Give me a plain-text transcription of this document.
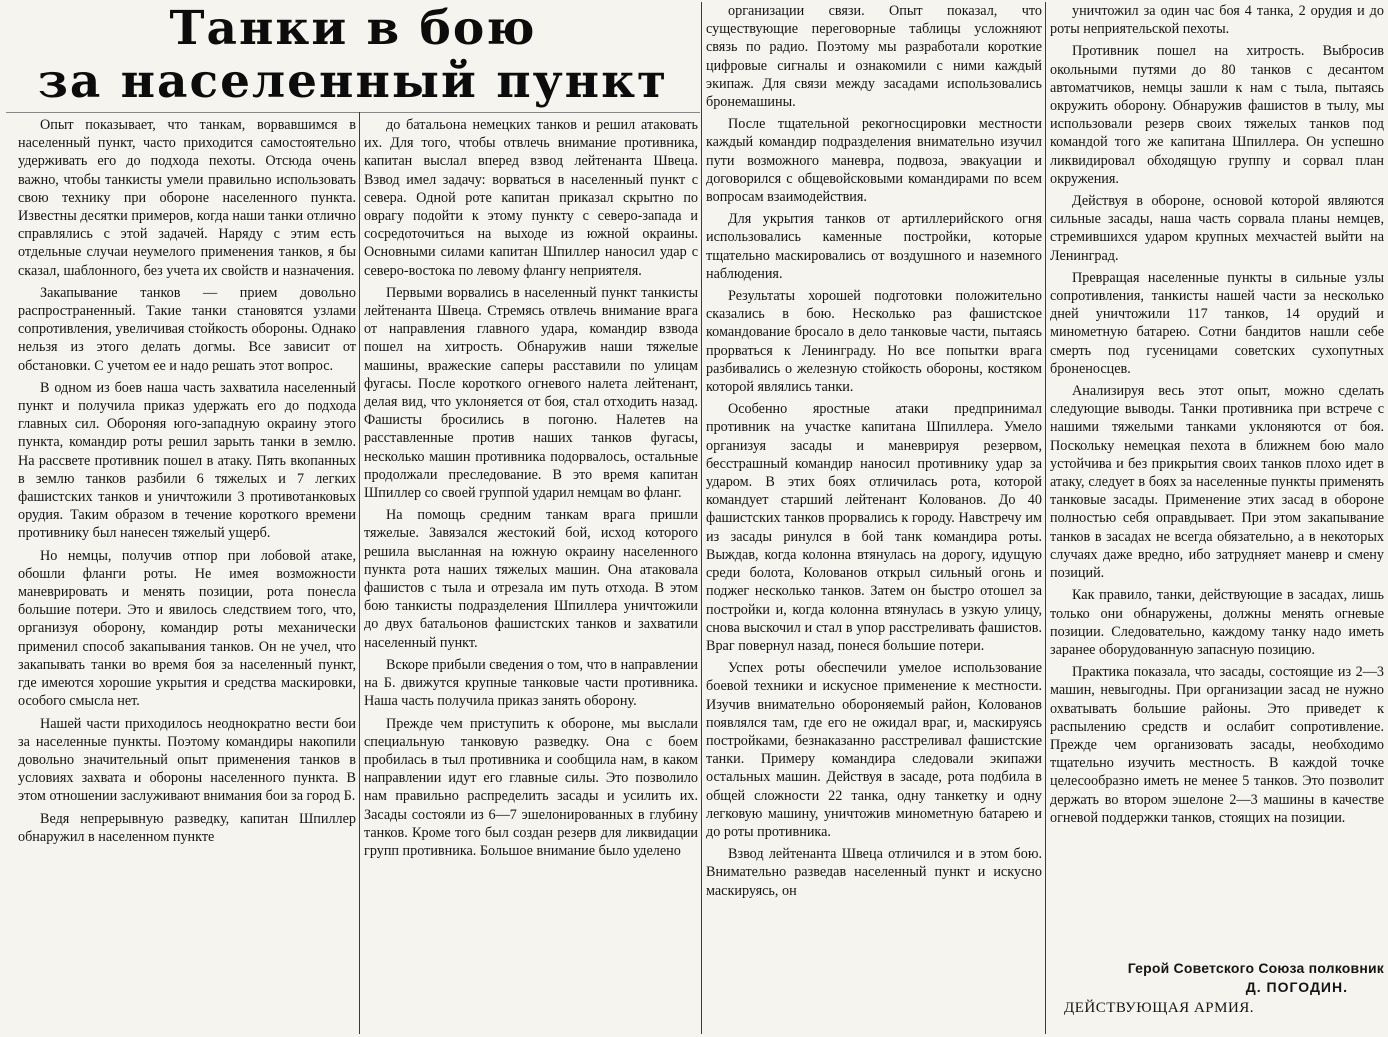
Танки в бою
за населенный пункт

Опыт показывает, что танкам, ворвавшимся в населенный пункт, часто приходится самостоятельно удерживать его до подхода пехоты. Отсюда очень важно, чтобы танкисты умели правильно использовать свою технику при обороне населенного пункта. Известны десятки примеров, когда наши танки отлично справлялись с этой задачей. Наряду с этим есть отдельные случаи неумелого применения танков, я бы сказал, шаблонного, без учета их свойств и назначения.

Закапывание танков — прием довольно распространенный. Такие танки становятся узлами сопротивления, увеличивая стойкость обороны. Однако нельзя из этого делать догмы. Все зависит от обстановки. С учетом ее и надо решать этот вопрос.

В одном из боев наша часть захватила населенный пункт и получила приказ удержать его до подхода главных сил. Обороняя юго-западную окраину этого пункта, командир роты решил зарыть танки в землю. На рассвете противник пошел в атаку. Пять вкопанных в землю танков разбили 6 тяжелых и 7 легких фашистских танков и уничтожили 3 противотанковых орудия. Таким образом в течение короткого времени противнику был нанесен тяжелый ущерб.

Но немцы, получив отпор при лобовой атаке, обошли фланги роты. Не имея возможности маневрировать и менять позиции, рота понесла большие потери. Это и явилось следствием того, что, организуя оборону, командир роты механически применил способ закапывания танков. Он не учел, что закапывать танки во время боя за населенный пункт, где имеются хорошие укрытия и средства маскировки, особого смысла нет.

Нашей части приходилось неоднократно вести бои за населенные пункты. Поэтому командиры накопили довольно значительный опыт применения танков в условиях захвата и обороны населенного пункта. В этом отношении заслуживают внимания бои за город Б.

Ведя непрерывную разведку, капитан Шпиллер обнаружил в населенном пункте

до батальона немецких танков и решил атаковать их. Для того, чтобы отвлечь внимание противника, капитан выслал вперед взвод лейтенанта Швеца. Взвод имел задачу: ворваться в населенный пункт с севера. Одной роте капитан приказал скрытно по оврагу подойти к этому пункту с северо-запада и сосредоточиться на выходе из южной окраины. Основными силами капитан Шпиллер наносил удар с северо-востока по левому флангу неприятеля.

Первыми ворвались в населенный пункт танкисты лейтенанта Швеца. Стремясь отвлечь внимание врага от направления главного удара, командир взвода пошел на хитрость. Обнаружив наши тяжелые машины, вражеские саперы расставили по улицам фугасы. После короткого огневого налета лейтенант, делая вид, что уклоняется от боя, стал отходить назад. Фашисты бросились в погоню. Налетев на расставленные против наших танков фугасы, несколько машин противника подорвалось, остальные продолжали преследование. В это время капитан Шпиллер со своей группой ударил немцам во фланг.

На помощь средним танкам врага пришли тяжелые. Завязался жестокий бой, исход которого решила высланная на южную окраину населенного пункта рота наших тяжелых машин. Она атаковала фашистов с тыла и отрезала им путь отхода. В этом бою танкисты подразделения Шпиллера уничтожили до двух батальонов фашистских танков и захватили населенный пункт.

Вскоре прибыли сведения о том, что в направлении на Б. движутся крупные танковые части противника. Наша часть получила приказ занять оборону.

Прежде чем приступить к обороне, мы выслали специальную танковую разведку. Она с боем пробилась в тыл противника и сообщила нам, в каком направлении идут его главные силы. Это позволило нам правильно распределить засады и усилить их. Засады состояли из 6—7 эшелонированных в глубину танков. Кроме того был создан резерв для ликвидации групп противника. Большое внимание было уделено

организации связи. Опыт показал, что существующие переговорные таблицы усложняют связь по радио. Поэтому мы разработали короткие цифровые сигналы и ознакомили с ними каждый экипаж. Для связи между засадами использовались бронемашины.

После тщательной рекогносцировки местности каждый командир подразделения внимательно изучил пути возможного маневра, подвоза, эвакуации и договорился с общевойсковыми командирами по всем вопросам взаимодействия.

Для укрытия танков от артиллерийского огня использовались каменные постройки, которые тщательно маскировались от воздушного и наземного наблюдения.

Результаты хорошей подготовки положительно сказались в бою. Несколько раз фашистское командование бросало в дело танковые части, пытаясь прорваться к Ленинграду. Но все попытки врага разбивались о железную стойкость обороны, костяком которой являлись танки.

Особенно яростные атаки предпринимал противник на участке капитана Шпиллера. Умело организуя засады и маневрируя резервом, бесстрашный командир наносил противнику удар за ударом. В этих боях отличилась рота, которой командует старший лейтенант Колованов. До 40 фашистских танков прорвались к городу. Навстречу им из засады ринулся в бой танк командира роты. Выждав, когда колонна втянулась на дорогу, идущую среди болота, Колованов открыл сильный огонь и поджег несколько танков. Затем он быстро отошел за постройки и, когда колонна втянулась в узкую улицу, снова выскочил и стал в упор расстреливать фашистов. Враг повернул назад, понеся большие потери.

Успех роты обеспечили умелое использование боевой техники и искусное применение к местности. Изучив внимательно обороняемый район, Колованов появлялся там, где его не ожидал враг, и, маскируясь постройками, безнаказанно расстреливал фашистские танки. Примеру командира следовали экипажи остальных машин. Действуя в засаде, рота подбила в общей сложности 22 танка, одну танкетку и одну легковую машину, уничтожив минометную батарею и до роты противника.

Взвод лейтенанта Швеца отличился и в этом бою. Внимательно разведав населенный пункт и искусно маскируясь, он

уничтожил за один час боя 4 танка, 2 орудия и до роты неприятельской пехоты.

Противник пошел на хитрость. Выбросив окольными путями до 80 танков с десантом автоматчиков, немцы зашли к нам с тыла, пытаясь окружить оборону. Обнаружив фашистов в тылу, мы использовали резерв своих тяжелых танков под командой того же капитана Шпиллера. Он успешно ликвидировал обходящую группу и сорвал план окружения.

Действуя в обороне, основой которой являются сильные засады, наша часть сорвала планы немцев, стремившихся ударом крупных мехчастей выйти на Ленинград.

Превращая населенные пункты в сильные узлы сопротивления, танкисты нашей части за несколько дней уничтожили 117 танков, 14 орудий и минометную батарею. Сотни бандитов нашли себе смерть под гусеницами советских сухопутных броненосцев.

Анализируя весь этот опыт, можно сделать следующие выводы. Танки противника при встрече с нашими тяжелыми танками уклоняются от боя. Поскольку немецкая пехота в ближнем бою мало устойчива и без прикрытия своих танков плохо идет в атаку, следует в боях за населенные пункты применять танковые засады. Применение этих засад в обороне полностью себя оправдывает. При этом закапывание танков в засадах не всегда обязательно, а в некоторых случаях даже вредно, ибо затрудняет маневр и смену позиций.

Как правило, танки, действующие в засадах, лишь только они обнаружены, должны менять огневые позиции. Следовательно, каждому танку надо иметь заранее оборудованную запасную позицию.

Практика показала, что засады, состоящие из 2—3 машин, невыгодны. При организации засад не нужно охватывать большие районы. Это приведет к распылению средств и ослабит сопротивление. Прежде чем организовать засады, необходимо тщательно изучить местность. В каждой точке целесообразно иметь не менее 5 танков. Это позволит держать во втором эшелоне 2—3 машины в качестве огневой поддержки танков, стоящих на позиции.

Герой Советского Союза полковник
Д. ПОГОДИН.
ДЕЙСТВУЮЩАЯ АРМИЯ.
